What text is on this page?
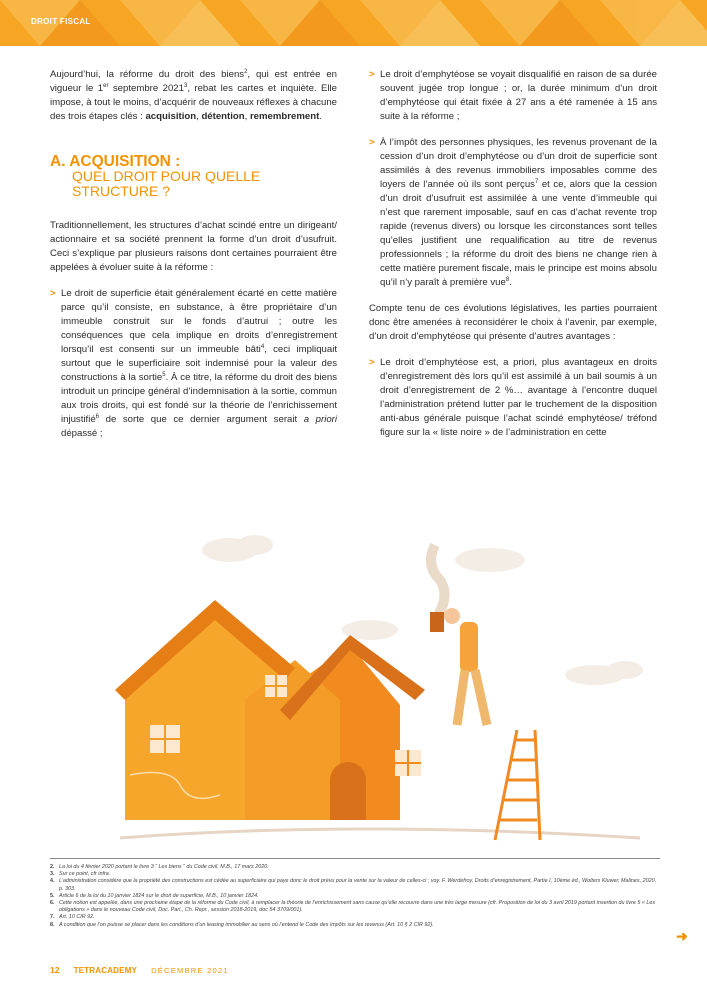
DROIT FISCAL

Aujourd’hui, la réforme du droit des biens$^2$, qui est entrée en vigueur le 1er septembre 2021$^3$, rebat les cartes et inquiète. Elle impose, à tout le moins, d’acquérir de nouveaux réflexes à chacune des trois étapes clés : acquisition, détention, remembrement.

A. ACQUISITION :
QUEL DROIT POUR QUELLE STRUCTURE ?

Traditionnellement, les structures d’achat scindé entre un dirigeant/ actionnaire et sa société prennent la forme d’un droit d’usufruit. Ceci s’explique par plusieurs raisons dont certaines pourraient être appelées à évoluer suite à la réforme :

> Le droit de superficie était généralement écarté en cette matière parce qu’il consiste, en substance, à être propriétaire d’un immeuble construit sur le fonds d’autrui ; outre les conséquences que cela implique en droits d’enregistrement lorsqu’il est consenti sur un immeuble bâti$^4$, ceci impliquait surtout que le superficiaire soit indemnisé pour la valeur des constructions à la sortie$^5$. À ce titre, la réforme du droit des biens introduit un principe général d’indemnisation à la sortie, commun aux trois droits, qui est fondé sur la théorie de l’enrichissement injustifié$^6$ de sorte que ce dernier argument serait a priori dépassé ;
> Le droit d’emphytéose se voyait disqualifié en raison de sa durée souvent jugée trop longue ; or, la durée minimum d’un droit d’emphytéose qui était fixée à 27 ans a été ramenée à 15 ans suite à la réforme ;
> À l’impôt des personnes physiques, les revenus provenant de la cession d’un droit d’emphytéose ou d’un droit de superficie sont assimilés à des revenus immobiliers imposables comme des loyers de l’année où ils sont perçus$^7$ et ce, alors que la cession d’un droit d’usufruit est assimilée à une vente d’immeuble qui n’est que rarement imposable, sauf en cas d’achat revente trop rapide (revenus divers) ou lorsque les circonstances sont telles qu’elles justifient une requalification au titre de revenus professionnels ; la réforme du droit des biens ne change rien à cette matière purement fiscale, mais le principe est moins absolu qu’il n’y paraît à première vue$^8$.

Compte tenu de ces évolutions législatives, les parties pourraient donc être amenées à reconsidérer le choix à l’avenir, par exemple, d’un droit d’emphytéose qui présente d’autres avantages :

> Le droit d’emphytéose est, a priori, plus avantageux en droits d’enregistrement dès lors qu’il est assimilé à un bail soumis à un droit d’enregistrement de 2 %… avantage à l’encontre duquel l’administration prétend lutter par le truchement de la disposition anti-abus générale puisque l’achat scindé emphytéose/ tréfond figure sur la « liste noire » de l’administration en cette
2. La loi du 4 février 2020 portant le livre 3 “ Les biens ” du Code civil, M.B., 17 mars 2020.
3. Sur ce point, cfr infra.
4. L’administration considère que la propriété des constructions est cédée au superficiaire qui paye donc le droit prévu pour la vente sur la valeur de celles-ci ; voy. F. Werdefroy, Droits d’enregistrement, Partie I, 10ème éd., Wolters Kluwer, Malines, 2020, p. 303.
5. Article 6 de la loi du 10 janvier 1824 sur le droit de superficie, M.B., 10 janvier 1824.
6. Cette notion est appelée, dans une prochaine étape de la réforme du Code civil, à remplacer la théorie de l’enrichissement sans cause qu’elle recouvre dans une très large mesure (cfr. Proposition de loi du 3 avril 2019 portant insertion du livre 5 « Les obligations » dans le nouveau Code civil, Doc. Parl., Ch. Repr., session 2018-2019, doc 54 3709/001).
7. Art. 10 CIR 92.
8. A condition que l’on puisse se placer dans les conditions d’un leasing immobilier au sens où l’entend le Code des impôts sur les revenus (Art. 10 § 2 CIR 92).
➜
12 TETRACADEMY DÉCEMBRE 2021
